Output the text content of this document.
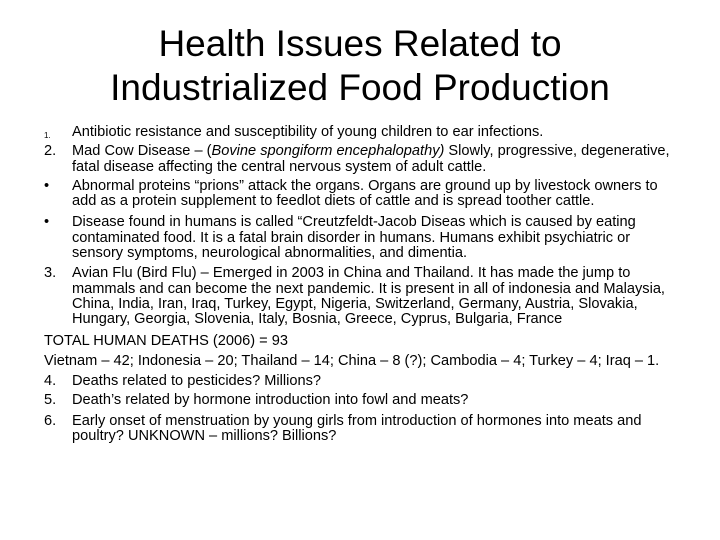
Health Issues Related to
Industrialized Food Production
1. Antibiotic resistance and susceptibility of young children to ear infections.
2. Mad Cow Disease – (Bovine spongiform encephalopathy) Slowly, progressive, degenerative, fatal disease affecting the central nervous system of adult cattle.
• Abnormal proteins “prions” attack the organs. Organs are ground up by livestock owners to add as a protein supplement to feedlot diets of cattle and is spread toother cattle.
• Disease found in humans is called “Creutzfeldt-Jacob Diseas which is caused by eating contaminated food. It is a fatal brain disorder in humans. Humans exhibit psychiatric or sensory symptoms, neurological abnormalities, and dimentia.
3. Avian Flu (Bird Flu) – Emerged in 2003 in China and Thailand. It has made the jump to mammals and can become the next pandemic. It is present in all of indonesia and Malaysia, China, India, Iran, Iraq, Turkey, Egypt, Nigeria, Switzerland, Germany, Austria, Slovakia, Hungary, Georgia, Slovenia, Italy, Bosnia, Greece, Cyprus, Bulgaria, France
TOTAL HUMAN DEATHS (2006) = 93
Vietnam – 42; Indonesia – 20; Thailand – 14; China – 8 (?); Cambodia – 4; Turkey – 4; Iraq – 1.
4. Deaths related to pesticides? Millions?
5. Death’s related by hormone introduction into fowl and meats?
6. Early onset of menstruation by young girls from introduction of hormones into meats and poultry? UNKNOWN – millions? Billions?
